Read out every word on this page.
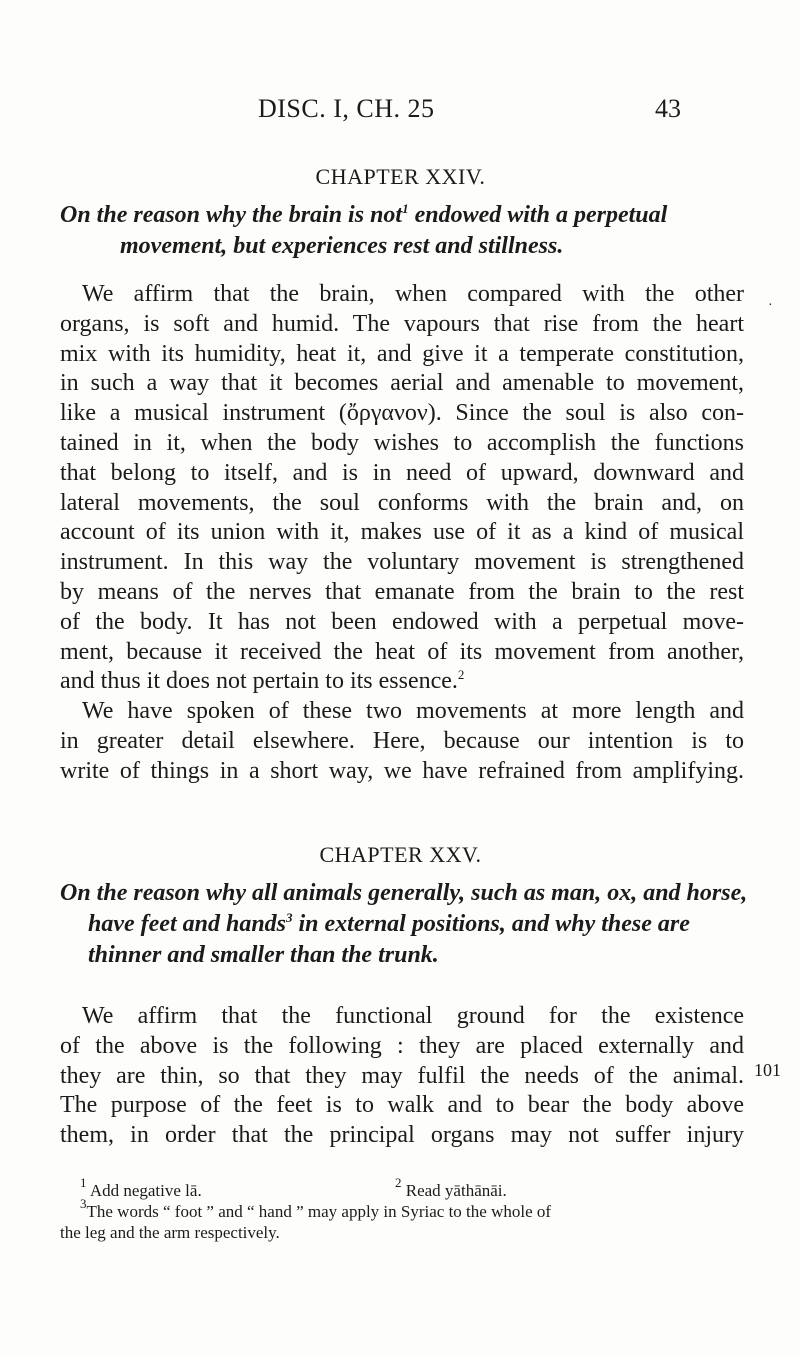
DISC. I, CH. 25	43
CHAPTER XXIV.
On the reason why the brain is not$^1$ endowed with a perpetual
movement, but experiences rest and stillness.
We affirm that the brain, when compared with the other
organs, is soft and humid. The vapours that rise from the heart
mix with its humidity, heat it, and give it a temperate constitution,
in such a way that it becomes aerial and amenable to movement,
like a musical instrument (ὄργανον). Since the soul is also con-
tained in it, when the body wishes to accomplish the functions
that belong to itself, and is in need of upward, downward and
lateral movements, the soul conforms with the brain and, on
account of its union with it, makes use of it as a kind of musical
instrument. In this way the voluntary movement is strengthened
by means of the nerves that emanate from the brain to the rest
of the body. It has not been endowed with a perpetual move-
ment, because it received the heat of its movement from another,
and thus it does not pertain to its essence.$^2$
We have spoken of these two movements at more length and
in greater detail elsewhere. Here, because our intention is to
write of things in a short way, we have refrained from amplifying.
·
CHAPTER XXV.
On the reason why all animals generally, such as man, ox, and horse,
have feet and hands$^3$ in external positions, and why these are
thinner and smaller than the trunk.
We affirm that the functional ground for the existence
of the above is the following : they are placed externally and
they are thin, so that they may fulfil the needs of the animal.
The purpose of the feet is to walk and to bear the body above
them, in order that the principal organs may not suffer injury
101
$^1$ Add negative lā.	$^2$ Read yāthānāi.
$^3$The words “ foot ” and “ hand ” may apply in Syriac to the whole of
the leg and the arm respectively.
